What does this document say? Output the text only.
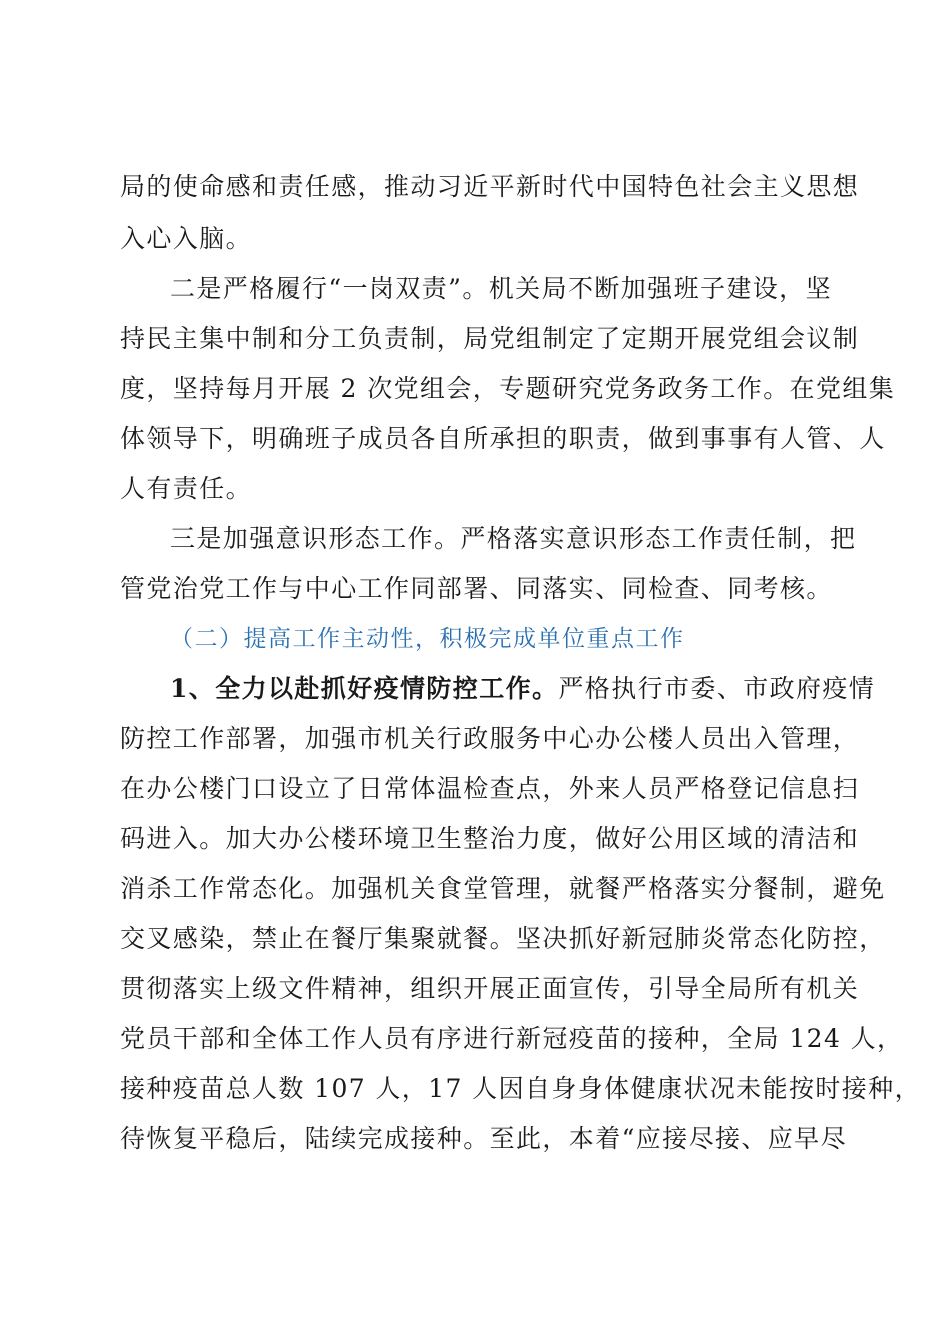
局的使命感和责任感，推动习近平新时代中国特色社会主义思想
入心入脑。
二是严格履行“一岗双责”。机关局不断加强班子建设，坚
持民主集中制和分工负责制，局党组制定了定期开展党组会议制
度，坚持每月开展 2 次党组会，专题研究党务政务工作。在党组集
体领导下，明确班子成员各自所承担的职责，做到事事有人管、人
人有责任。
三是加强意识形态工作。严格落实意识形态工作责任制，把
管党治党工作与中心工作同部署、同落实、同检查、同考核。
（二）提高工作主动性，积极完成单位重点工作
1、全力以赴抓好疫情防控工作。严格执行市委、市政府疫情
防控工作部署，加强市机关行政服务中心办公楼人员出入管理，
在办公楼门口设立了日常体温检查点，外来人员严格登记信息扫
码进入。加大办公楼环境卫生整治力度，做好公用区域的清洁和
消杀工作常态化。加强机关食堂管理，就餐严格落实分餐制，避免
交叉感染，禁止在餐厅集聚就餐。坚决抓好新冠肺炎常态化防控，
贯彻落实上级文件精神，组织开展正面宣传，引导全局所有机关
党员干部和全体工作人员有序进行新冠疫苗的接种，全局 124 人，
接种疫苗总人数 107 人，17 人因自身身体健康状况未能按时接种，
待恢复平稳后，陆续完成接种。至此，本着“应接尽接、应早尽
